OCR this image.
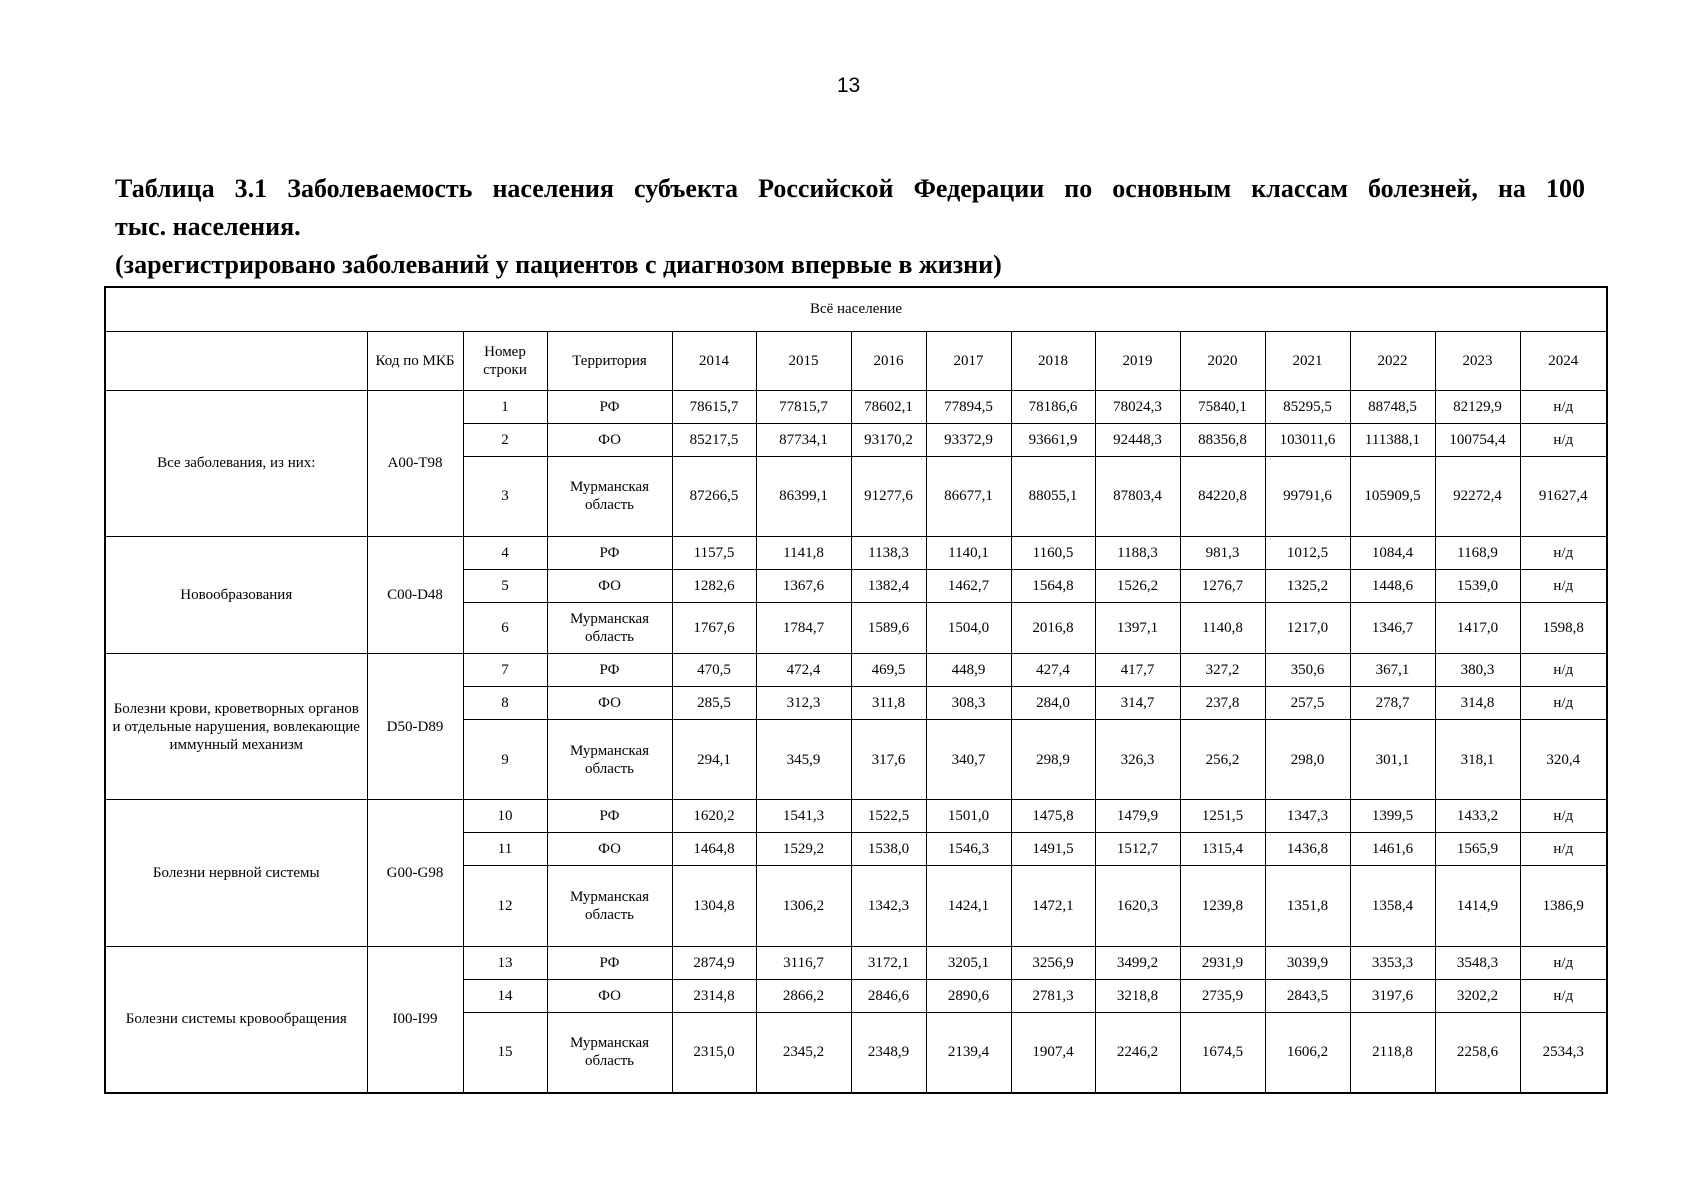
13
Таблица 3.1 Заболеваемость населения субъекта Российской Федерации по основным классам болезней, на 100
тыс. населения.
(зарегистрировано заболеваний у пациентов с диагнозом впервые в жизни)
Всё население														
	Код по МКБ	Номер строки	Территория	2014	2015	2016	2017	2018	2019	2020	2021	2022	2023	2024
Все заболевания, из них:	A00-T98	1	РФ	78615,7	77815,7	78602,1	77894,5	78186,6	78024,3	75840,1	85295,5	88748,5	82129,9	н/д
		2	ФО	85217,5	87734,1	93170,2	93372,9	93661,9	92448,3	88356,8	103011,6	111388,1	100754,4	н/д
		3	Мурманская область	87266,5	86399,1	91277,6	86677,1	88055,1	87803,4	84220,8	99791,6	105909,5	92272,4	91627,4
Новообразования	C00-D48	4	РФ	1157,5	1141,8	1138,3	1140,1	1160,5	1188,3	981,3	1012,5	1084,4	1168,9	н/д
		5	ФО	1282,6	1367,6	1382,4	1462,7	1564,8	1526,2	1276,7	1325,2	1448,6	1539,0	н/д
		6	Мурманская область	1767,6	1784,7	1589,6	1504,0	2016,8	1397,1	1140,8	1217,0	1346,7	1417,0	1598,8
Болезни крови, кроветворных органов и отдельные нарушения, вовлекающие иммунный механизм	D50-D89	7	РФ	470,5	472,4	469,5	448,9	427,4	417,7	327,2	350,6	367,1	380,3	н/д
		8	ФО	285,5	312,3	311,8	308,3	284,0	314,7	237,8	257,5	278,7	314,8	н/д
		9	Мурманская область	294,1	345,9	317,6	340,7	298,9	326,3	256,2	298,0	301,1	318,1	320,4
Болезни нервной системы	G00-G98	10	РФ	1620,2	1541,3	1522,5	1501,0	1475,8	1479,9	1251,5	1347,3	1399,5	1433,2	н/д
		11	ФО	1464,8	1529,2	1538,0	1546,3	1491,5	1512,7	1315,4	1436,8	1461,6	1565,9	н/д
		12	Мурманская область	1304,8	1306,2	1342,3	1424,1	1472,1	1620,3	1239,8	1351,8	1358,4	1414,9	1386,9
Болезни системы кровообращения	I00-I99	13	РФ	2874,9	3116,7	3172,1	3205,1	3256,9	3499,2	2931,9	3039,9	3353,3	3548,3	н/д
		14	ФО	2314,8	2866,2	2846,6	2890,6	2781,3	3218,8	2735,9	2843,5	3197,6	3202,2	н/д
		15	Мурманская область	2315,0	2345,2	2348,9	2139,4	1907,4	2246,2	1674,5	1606,2	2118,8	2258,6	2534,3
